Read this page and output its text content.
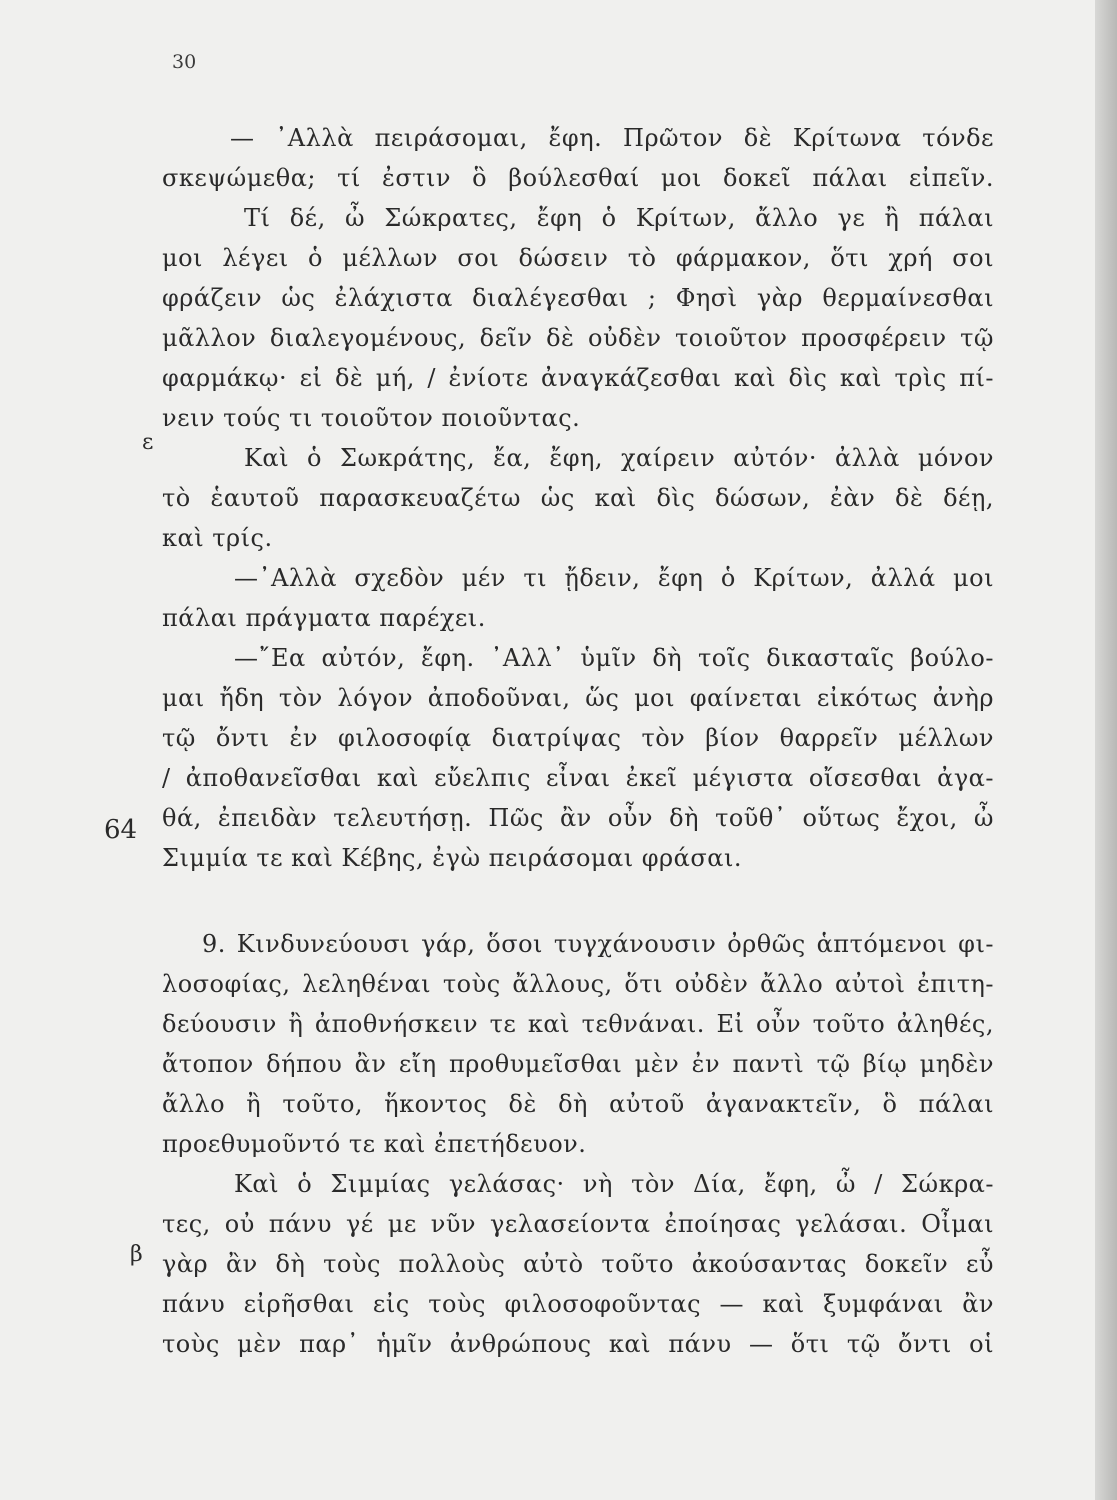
30
ε
64
β
— ᾿Αλλὰ πειράσομαι, ἔφη. Πρῶτον δὲ Κρίτωνα τόνδε
σκεψώμεθα; τί ἐστιν ὃ βούλεσθαί μοι δοκεῖ πάλαι εἰπεῖν.
Τί δέ, ὦ Σώκρατες, ἔφη ὁ Κρίτων, ἄλλο γε ἢ πάλαι
μοι λέγει ὁ μέλλων σοι δώσειν τὸ φάρμακον, ὅτι χρή σοι
φράζειν ὡς ἐλάχιστα διαλέγεσθαι ; Φησὶ γὰρ θερμαίνεσθαι
μᾶλλον διαλεγομένους, δεῖν δὲ οὐδὲν τοιοῦτον προσφέρειν τῷ
φαρμάκῳ· εἰ δὲ μή, / ἐνίοτε ἀναγκάζεσθαι καὶ δὶς καὶ τρὶς πί-
νειν τούς τι τοιοῦτον ποιοῦντας.
Καὶ ὁ Σωκράτης, ἔα, ἔφη, χαίρειν αὐτόν· ἀλλὰ μόνον
τὸ ἑαυτοῦ παρασκευαζέτω ὡς καὶ δὶς δώσων, ἐὰν δὲ δέῃ,
καὶ τρίς.
—᾿Αλλὰ σχεδὸν μέν τι ᾔδειν, ἔφη ὁ Κρίτων, ἀλλά μοι
πάλαι πράγματα παρέχει.
—῎Εα αὐτόν, ἔφη. ᾿Αλλ᾿ ὑμῖν δὴ τοῖς δικασταῖς βούλο-
μαι ἤδη τὸν λόγον ἀποδοῦναι, ὥς μοι φαίνεται εἰκότως ἀνὴρ
τῷ ὄντι ἐν φιλοσοφίᾳ διατρίψας τὸν βίον θαρρεῖν μέλλων
/ ἀποθανεῖσθαι καὶ εὔελπις εἶναι ἐκεῖ μέγιστα οἴσεσθαι ἀγα-
θά, ἐπειδὰν τελευτήσῃ. Πῶς ἂν οὖν δὴ τοῦθ᾿ οὕτως ἔχοι, ὦ
Σιμμία τε καὶ Κέβης, ἐγὼ πειράσομαι φράσαι.
9. Κινδυνεύουσι γάρ, ὅσοι τυγχάνουσιν ὀρθῶς ἁπτόμενοι φι-
λοσοφίας, λεληθέναι τοὺς ἄλλους, ὅτι οὐδὲν ἄλλο αὐτοὶ ἐπιτη-
δεύουσιν ἢ ἀποθνήσκειν τε καὶ τεθνάναι. Εἰ οὖν τοῦτο ἀληθές,
ἄτοπον δήπου ἂν εἴη προθυμεῖσθαι μὲν ἐν παντὶ τῷ βίῳ μηδὲν
ἄλλο ἢ τοῦτο, ἥκοντος δὲ δὴ αὐτοῦ ἀγανακτεῖν, ὃ πάλαι
προεθυμοῦντό τε καὶ ἐπετήδευον.
Καὶ ὁ Σιμμίας γελάσας· νὴ τὸν Δία, ἔφη, ὦ / Σώκρα-
τες, οὐ πάνυ γέ με νῦν γελασείοντα ἐποίησας γελάσαι. Οἶμαι
γὰρ ἂν δὴ τοὺς πολλοὺς αὐτὸ τοῦτο ἀκούσαντας δοκεῖν εὖ
πάνυ εἰρῆσθαι εἰς τοὺς φιλοσοφοῦντας — καὶ ξυμφάναι ἂν
τοὺς μὲν παρ᾿ ἡμῖν ἀνθρώπους καὶ πάνυ — ὅτι τῷ ὄντι οἱ
